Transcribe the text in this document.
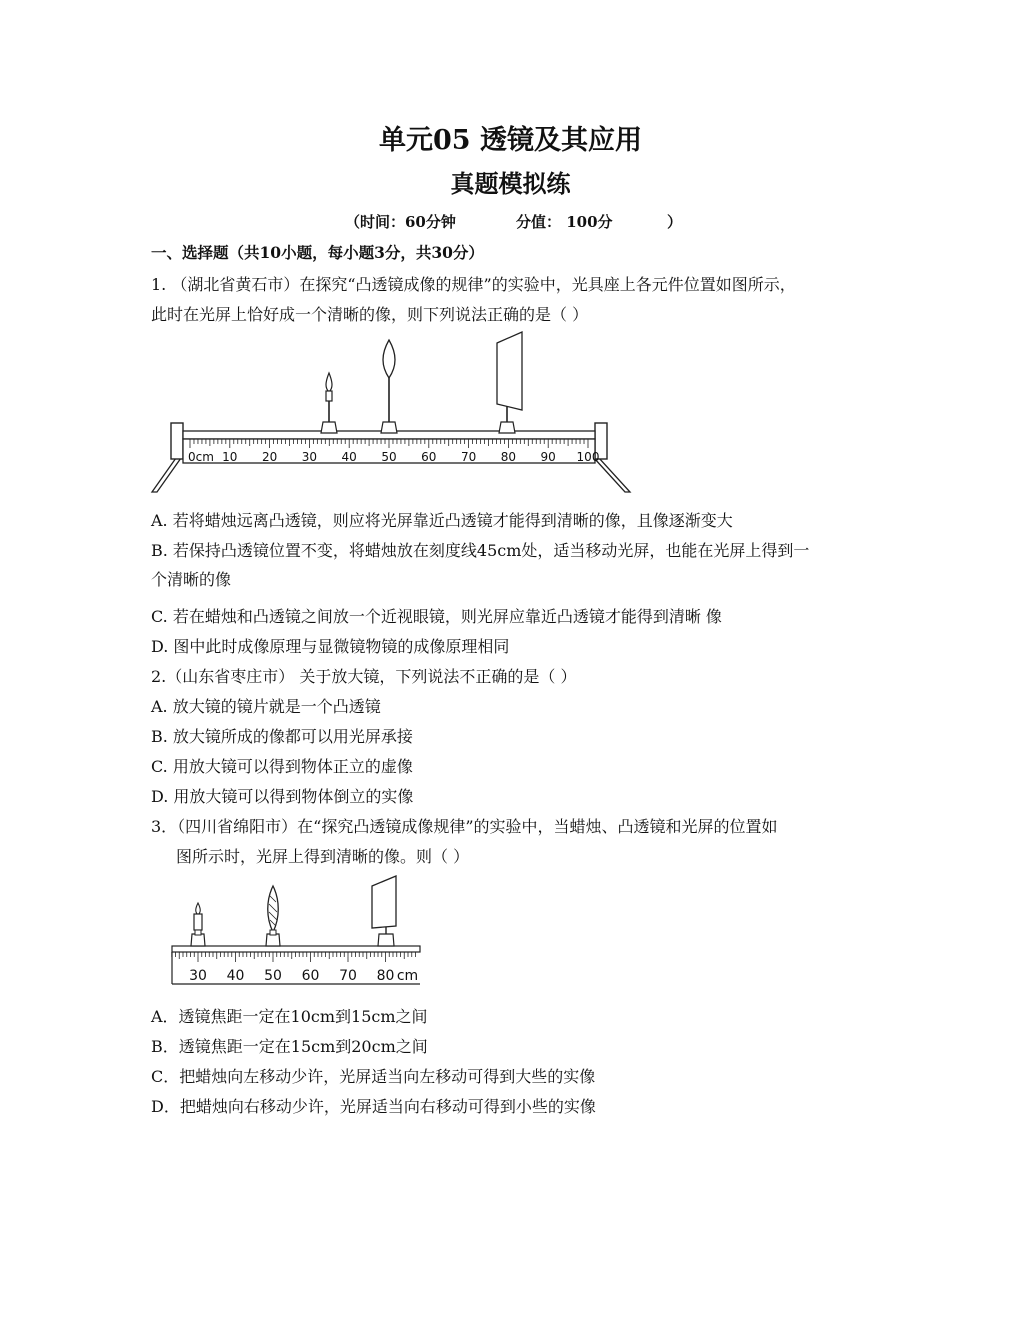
单元05 透镜及其应用
真题模拟练
（时间：60分钟	分值： 100分	）
一、选择题（共10小题，每小题3分，共30分）
1. （湖北省黄石市）在探究“凸透镜成像的规律”的实验中，光具座上各元件位置如图所示，
此时在光屏上恰好成一个清晰的像，则下列说法正确的是（ ）
0cm 10 20 30 40 50 60 70 80 90 100
A. 若将蜡烛远离凸透镜，则应将光屏靠近凸透镜才能得到清晰的像，且像逐渐变大
B. 若保持凸透镜位置不变，将蜡烛放在刻度线45cm处，适当移动光屏，也能在光屏上得到一
个清晰的像
C. 若在蜡烛和凸透镜之间放一个近视眼镜，则光屏应靠近凸透镜才能得到清晰 像
D. 图中此时成像原理与显微镜物镜的成像原理相同
2.（山东省枣庄市） 关于放大镜，下列说法不正确的是（ ）
A. 放大镜的镜片就是一个凸透镜
B. 放大镜所成的像都可以用光屏承接
C. 用放大镜可以得到物体正立的虚像
D. 用放大镜可以得到物体倒立的实像
3．（四川省绵阳市）在“探究凸透镜成像规律”的实验中，当蜡烛、凸透镜和光屏的位置如
图所示时，光屏上得到清晰的像。则（ ）
30 40 50 60 70 80 cm
A．透镜焦距一定在10cm到15cm之间
B．透镜焦距一定在15cm到20cm之间
C．把蜡烛向左移动少许，光屏适当向左移动可得到大些的实像
D．把蜡烛向右移动少许，光屏适当向右移动可得到小些的实像
